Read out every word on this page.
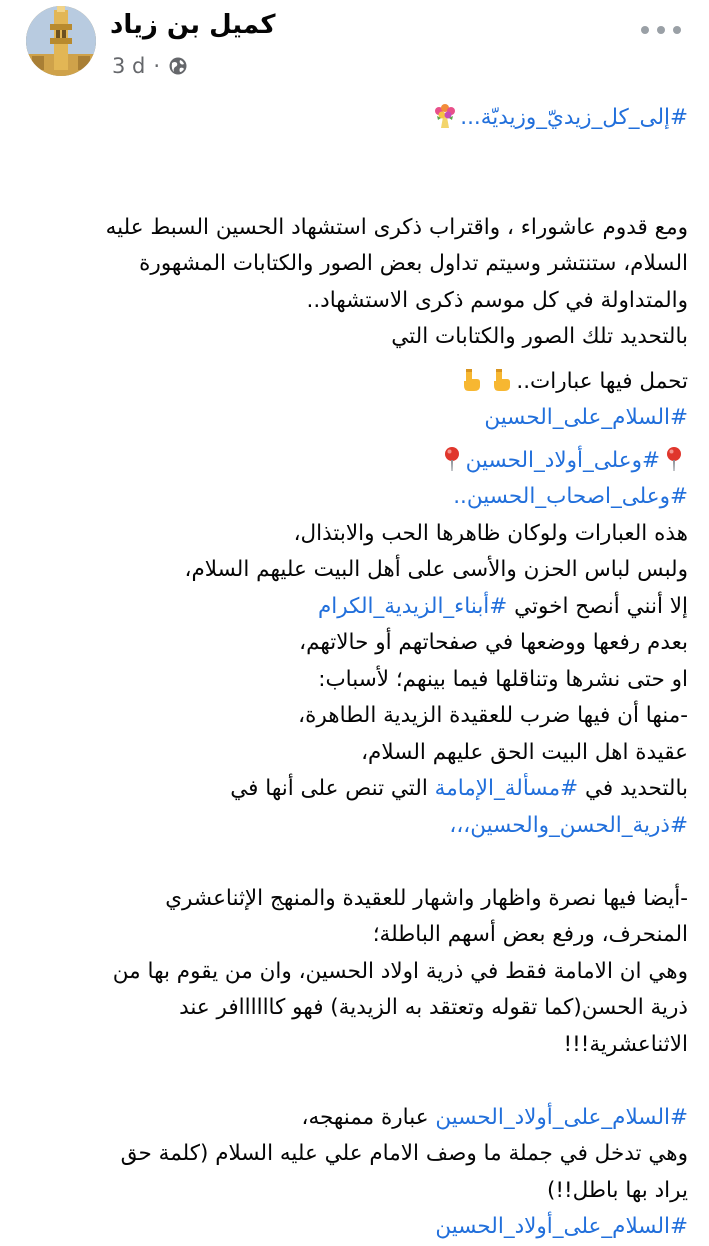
كميل بن زياد
3 d ·

#إلى_كل_زيديّ_وزيديّة...

ومع قدوم عاشوراء ، واقتراب ذكرى استشهاد الحسين السبط عليه

السلام، ستنتشر وسيتم تداول بعض الصور والكتابات المشهورة

والمتداولة في كل موسم ذكرى الاستشهاد..

بالتحديد تلك الصور والكتابات التي

تحمل فيها عبارات..

#السلام_على_الحسين

#وعلى_أولاد_الحسين

#وعلى_اصحاب_الحسين..

هذه العبارات ولوكان ظاهرها الحب والابتذال،

ولبس لباس الحزن والأسى على أهل البيت عليهم السلام،

إلا أنني أنصح اخوتي #أبناء_الزيدية_الكرام

بعدم رفعها ووضعها في صفحاتهم أو حالاتهم،

او حتى نشرها وتناقلها فيما بينهم؛ لأسباب:

-منها أن فيها ضرب للعقيدة الزيدية الطاهرة،

عقيدة اهل البيت الحق عليهم السلام،

بالتحديد في #مسألة_الإمامة التي تنص على أنها في

#ذرية_الحسن_والحسين،،،

-أيضا فيها نصرة واظهار واشهار للعقيدة والمنهج الإثناعشري

المنحرف، ورفع بعض أسهم الباطلة؛

وهي ان الامامة فقط في ذرية اولاد الحسين، وان من يقوم بها من

ذرية الحسن(كما تقوله وتعتقد به الزيدية) فهو كاااااافر عند

الاثناعشرية!!!

#السلام_على_أولاد_الحسين عبارة ممنهجه،

وهي تدخل في جملة ما وصف الامام علي عليه السلام (كلمة حق

يراد بها باطل!!)

#السلام_على_أولاد_الحسين
